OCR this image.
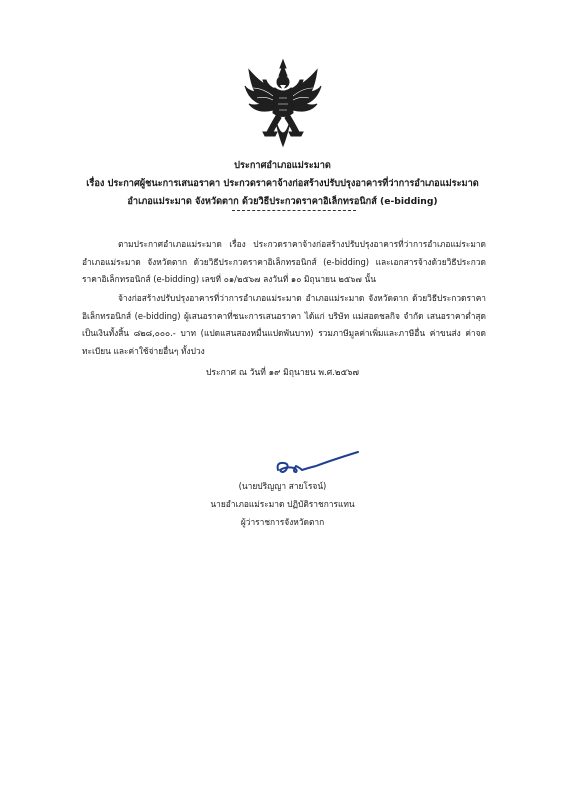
ประกาศอำเภอแม่ระมาด
เรื่อง ประกาศผู้ชนะการเสนอราคา ประกวดราคาจ้างก่อสร้างปรับปรุงอาคารที่ว่าการอำเภอแม่ระมาด
อำเภอแม่ระมาด จังหวัดตาก ด้วยวิธีประกวดราคาอิเล็กทรอนิกส์ (e-bidding)
ตามประกาศอำเภอแม่ระมาด เรื่อง ประกวดราคาจ้างก่อสร้างปรับปรุงอาคารที่ว่าการอำเภอแม่ระมาด อำเภอแม่ระมาด จังหวัดตาก ด้วยวิธีประกวดราคาอิเล็กทรอนิกส์ (e-bidding) และเอกสารจ้างด้วยวิธีประกวดราคาอิเล็กทรอนิกส์ (e-bidding) เลขที่ ๐๑/๒๕๖๗ ลงวันที่ ๑๐ มิถุนายน ๒๕๖๗ นั้น
จ้างก่อสร้างปรับปรุงอาคารที่ว่าการอำเภอแม่ระมาด อำเภอแม่ระมาด จังหวัดตาก ด้วยวิธีประกวดราคาอิเล็กทรอนิกส์ (e-bidding) ผู้เสนอราคาที่ชนะการเสนอราคา ได้แก่ บริษัท แม่สอดชลกิจ จำกัด เสนอราคาต่ำสุด เป็นเงินทั้งสิ้น ๘๒๘,๐๐๐.- บาท (แปดแสนสองหมื่นแปดพันบาท) รวมภาษีมูลค่าเพิ่มและภาษีอื่น ค่าขนส่ง ค่าจดทะเบียน และค่าใช้จ่ายอื่นๆ ทั้งปวง
ประกาศ ณ วันที่ ๑๙ มิถุนายน พ.ศ.๒๕๖๗
(นายปริญญา สายโรจน์)
นายอำเภอแม่ระมาด ปฏิบัติราชการแทน
ผู้ว่าราชการจังหวัดตาก
